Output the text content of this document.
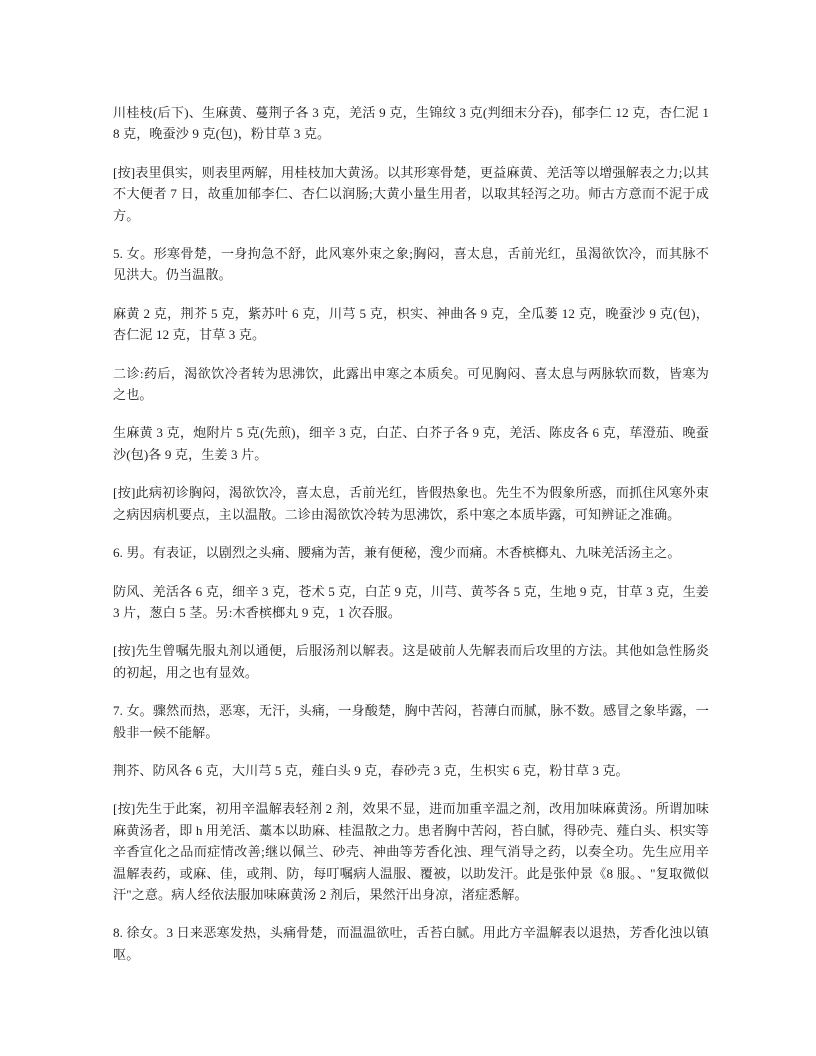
川桂枝(后下)、生麻黄、蔓荆子各 3 克，羌活 9 克，生锦纹 3 克(判细末分吞)，郁李仁 12 克，杏仁泥 18 克，晚蚕沙 9 克(包)，粉甘草 3 克。

[按]表里俱实，则表里两解，用桂枝加大黄汤。以其形寒骨楚，更益麻黄、羌活等以增强解表之力;以其不大便者 7 日，故重加郁李仁、杏仁以润肠;大黄小量生用者，以取其轻泻之功。师古方意而不泥于成方。

5. 女。形寒骨楚，一身拘急不舒，此风寒外束之象;胸闷，喜太息，舌前光红，虽渴欲饮冷，而其脉不见洪大。仍当温散。

麻黄 2 克，荆芥 5 克，紫苏叶 6 克，川芎 5 克，枳实、神曲各 9 克，全瓜蒌 12 克，晚蚕沙 9 克(包)，杏仁泥 12 克，甘草 3 克。

二诊:药后，渴欲饮冷者转为思沸饮，此露出申寒之本质矣。可见胸闷、喜太息与两脉软而数，皆寒为之也。

生麻黄 3 克，炮附片 5 克(先煎)，细辛 3 克，白芷、白芥子各 9 克，羌活、陈皮各 6 克，荜澄茄、晚蚕沙(包)各 9 克，生姜 3 片。

[按]此病初诊胸闷，渴欲饮冷，喜太息，舌前光红，皆假热象也。先生不为假象所惑，而抓住风寒外束之病因病机要点，主以温散。二诊由渴欲饮冷转为思沸饮，系中寒之本质毕露，可知辨证之准确。

6. 男。有表证，以剧烈之头痛、腰痛为苦，兼有便秘，溲少而痛。木香槟榔丸、九味羌活汤主之。

防风、羌活各 6 克，细辛 3 克，苍术 5 克，白芷 9 克，川芎、黄芩各 5 克，生地 9 克，甘草 3 克，生姜 3 片，葱白 5 茎。另:木香槟榔丸 9 克，1 次吞服。

[按]先生曾嘱先服丸剂以通便，后服汤剂以解表。这是破前人先解表而后攻里的方法。其他如急性肠炎的初起，用之也有显效。

7. 女。骤然而热，恶寒，无汗，头痛，一身酸楚，胸中苦闷，苔薄白而腻，脉不数。感冒之象毕露，一般非一候不能解。

荆芥、防风各 6 克，大川芎 5 克，薤白头 9 克，春砂壳 3 克，生枳实 6 克，粉甘草 3 克。

[按]先生于此案，初用辛温解表轻剂 2 剂，效果不显，进而加重辛温之剂，改用加味麻黄汤。所谓加味麻黄汤者，即 h 用羌活、藁本以助麻、桂温散之力。患者胸中苦闷，苔白腻，得砂壳、薤白头、枳实等辛香宣化之品而症情改善;继以佩兰、砂壳、神曲等芳香化浊、理气消导之药，以奏全功。先生应用辛温解表药，或麻、佳，或荆、防，每叮嘱病人温服、覆被，以助发汗。此是张仲景《8 服。、"复取微似汗"之意。病人经依法服加味麻黄汤 2 剂后，果然汗出身凉，渚症悉解。

8. 徐女。3 日来恶寒发热，头痛骨楚，而温温欲吐，舌苔白腻。用此方辛温解表以退热，芳香化浊以镇呕。
